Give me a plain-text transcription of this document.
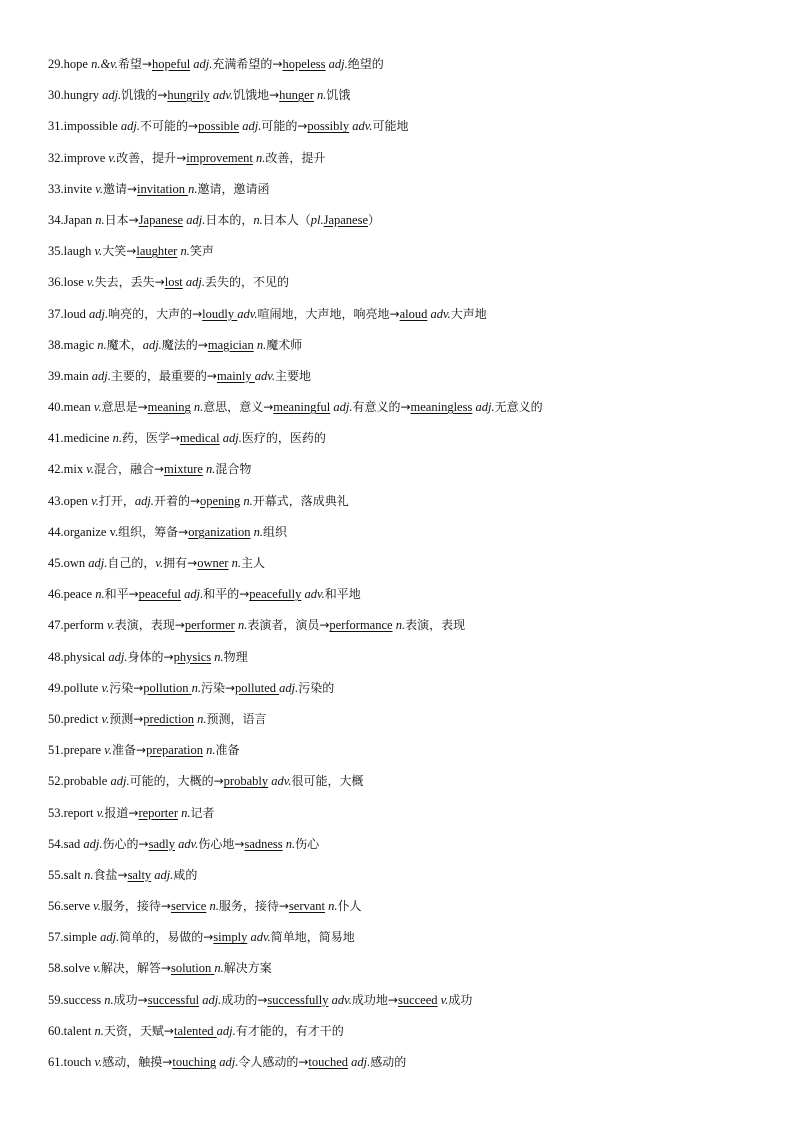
29.hope n.&v.希望→hopeful adj.充满希望的→hopeless adj.绝望的
30.hungry adj.饥饿的→hungrily adv.饥饿地→hunger n.饥饿
31.impossible adj.不可能的→possible adj.可能的→possibly adv.可能地
32.improve v.改善，提升→improvement n.改善，提升
33.invite v.邀请→invitation n.邀请，邀请函
34.Japan n.日本→Japanese adj.日本的，n.日本人（pl.Japanese）
35.laugh v.大笑→laughter n.笑声
36.lose v.失去，丢失→lost adj.丢失的，不见的
37.loud adj.响亮的，大声的→loudly adv.喧闹地，大声地，响亮地→aloud adv.大声地
38.magic n.魔术，adj.魔法的→magician n.魔术师
39.main adj.主要的，最重要的→mainly adv.主要地
40.mean v.意思是→meaning n.意思，意义→meaningful adj.有意义的→meaningless adj.无意义的
41.medicine n.药，医学→medical adj.医疗的，医药的
42.mix v.混合，融合→mixture n.混合物
43.open v.打开，adj.开着的→opening n.开幕式，落成典礼
44.organize v.组织，筹备→organization n.组织
45.own adj.自己的，v.拥有→owner n.主人
46.peace n.和平→peaceful adj.和平的→peacefully adv.和平地
47.perform v.表演，表现→performer n.表演者，演员→performance n.表演，表现
48.physical adj.身体的→physics n.物理
49.pollute v.污染→pollution n.污染→polluted adj.污染的
50.predict v.预测→prediction n.预测，语言
51.prepare v.准备→preparation n.准备
52.probable adj.可能的，大概的→probably adv.很可能，大概
53.report v.报道→reporter n.记者
54.sad adj.伤心的→sadly adv.伤心地→sadness n.伤心
55.salt n.食盐→salty adj.咸的
56.serve v.服务，接待→service n.服务，接待→servant n.仆人
57.simple adj.简单的，易做的→simply adv.简单地，简易地
58.solve v.解决，解答→solution n.解决方案
59.success n.成功→successful adj.成功的→successfully adv.成功地→succeed v.成功
60.talent n.天资，天赋→talented adj.有才能的，有才干的
61.touch v.感动，触摸→touching adj.令人感动的→touched adj.感动的
